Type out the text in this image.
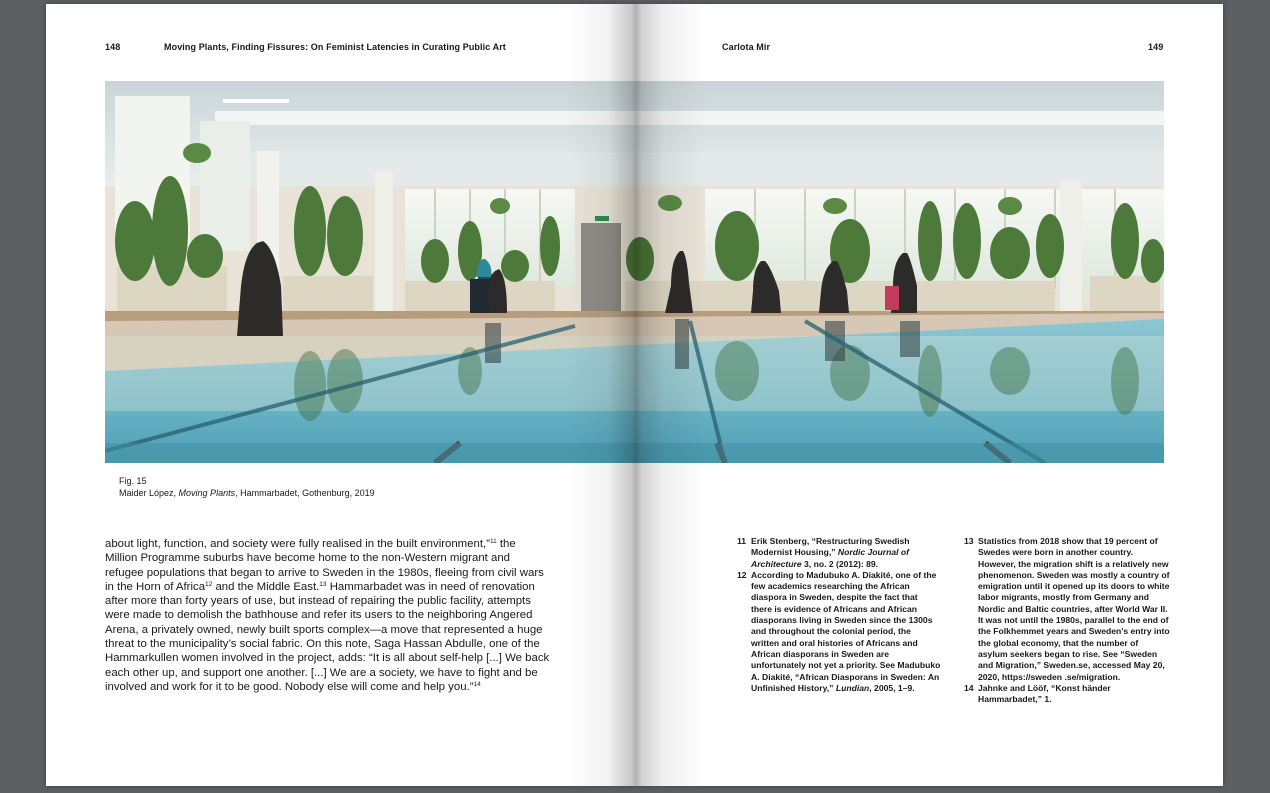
148	Moving Plants, Finding Fissures: On Feminist Latencies in Curating Public Art
Fig. 15
Maider López, Moving Plants, Hammarbadet, Gothenburg, 2019
about light, function, and society were fully realised in the built environment,”$^{11}$ the Million Programme suburbs have become home to the non-Western migrant and refugee populations that began to arrive to Sweden in the 1980s, fleeing from civil wars in the Horn of Africa$^{12}$ and the Middle East.$^{13}$ Hammarbadet was in need of renovation after more than forty years of use, but instead of repairing the public facility, attempts were made to demolish the bathhouse and refer its users to the neighboring Angered Arena, a privately owned, newly built sports complex—a move that represented a huge threat to the municipality’s social fabric. On this note, Saga Hassan Abdulle, one of the Hammarkullen women involved in the project, adds: “It is all about self-help [...] We back each other up, and support one another. [...] We are a society, we have to fight and be involved and work for it to be good. Nobody else will come and help you.”$^{14}$
Carlota Mir	149
11 Erik Stenberg, “Restructuring Swedish Modernist Housing,” Nordic Journal of Architecture 3, no. 2 (2012): 89.
12 According to Madubuko A. Diakité, one of the few academics researching the African diaspora in Sweden, despite the fact that there is evidence of Africans and African diasporans living in Sweden since the 1300s and throughout the colonial period, the written and oral histories of Africans and African diasporans in Sweden are unfortunately not yet a priority. See Madubuko A. Diakité, “African Diasporans in Sweden: An Unfinished History,” Lundian, 2005, 1–9.
13 Statistics from 2018 show that 19 percent of Swedes were born in another country. However, the migration shift is a relatively new phenomenon. Sweden was mostly a country of emigration until it opened up its doors to white labor migrants, mostly from Germany and Nordic and Baltic countries, after World War II. It was not until the 1980s, parallel to the end of the Folkhemmet years and Sweden’s entry into the global economy, that the number of asylum seekers began to rise. See “Sweden and Migration,” Sweden.se, accessed May 20, 2020, https://sweden .se/migration.
14 Jahnke and Lööf, “Konst händer Hammarbadet,” 1.
